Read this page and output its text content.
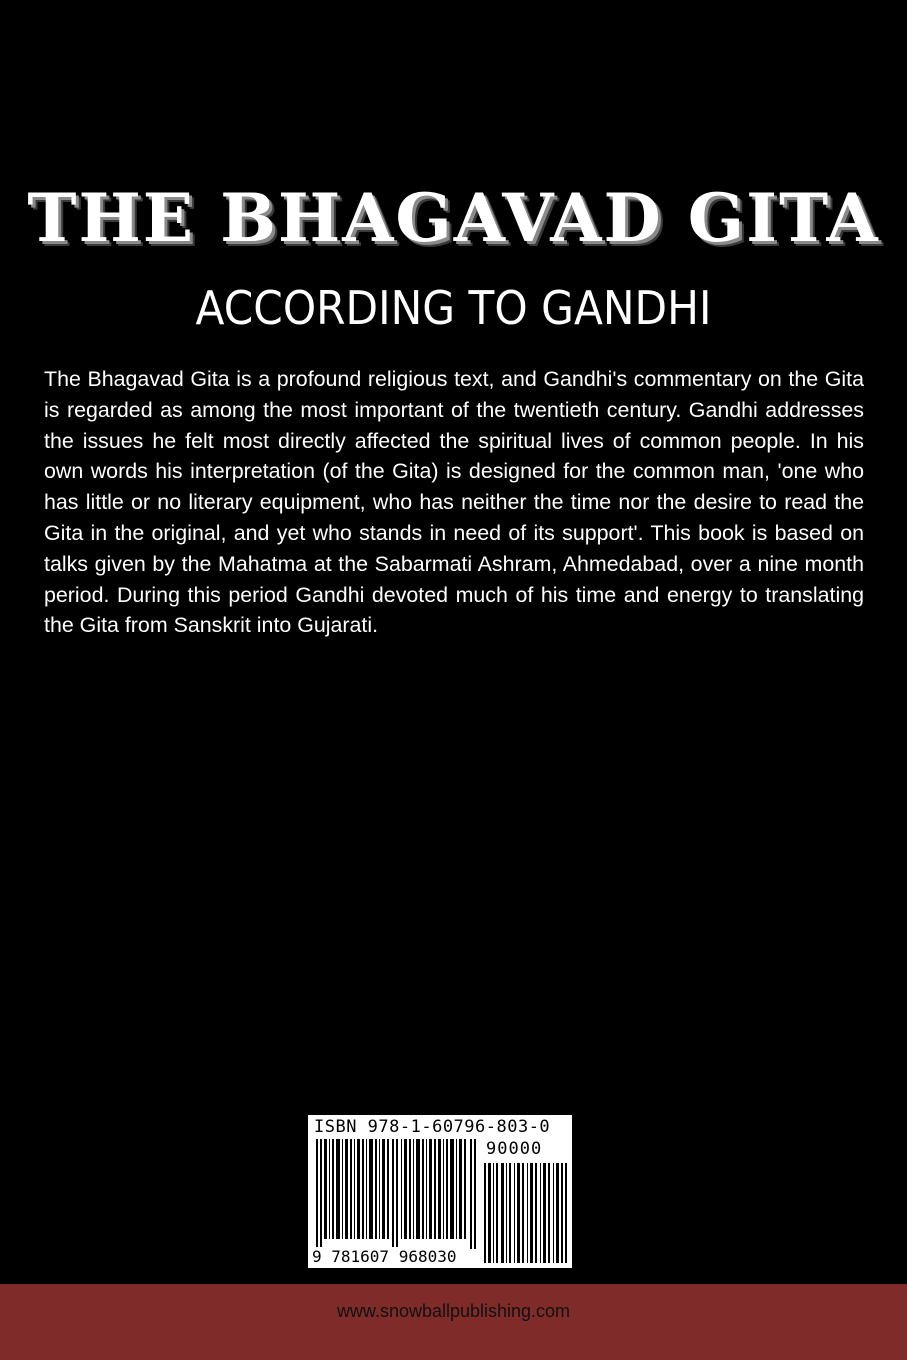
THE BHAGAVAD GITA
ACCORDING TO GANDHI

The Bhagavad Gita is a profound religious text, and Gandhi's commentary on the Gita is regarded as among the most important of the twentieth century. Gandhi addresses the issues he felt most directly affected the spiritual lives of common people. In his own words his interpretation (of the Gita) is designed for the common man, 'one who has little or no literary equipment, who has neither the time nor the desire to read the Gita in the original, and yet who stands in need of its support'. This book is based on talks given by the Mahatma at the Sabarmati Ashram, Ahmedabad, over a nine month period. During this period Gandhi devoted much of his time and energy to translating the Gita from Sanskrit into Gujarati.

ISBN 978-1-60796-803-0
90000
9 781607 968030
www.snowballpublishing.com
